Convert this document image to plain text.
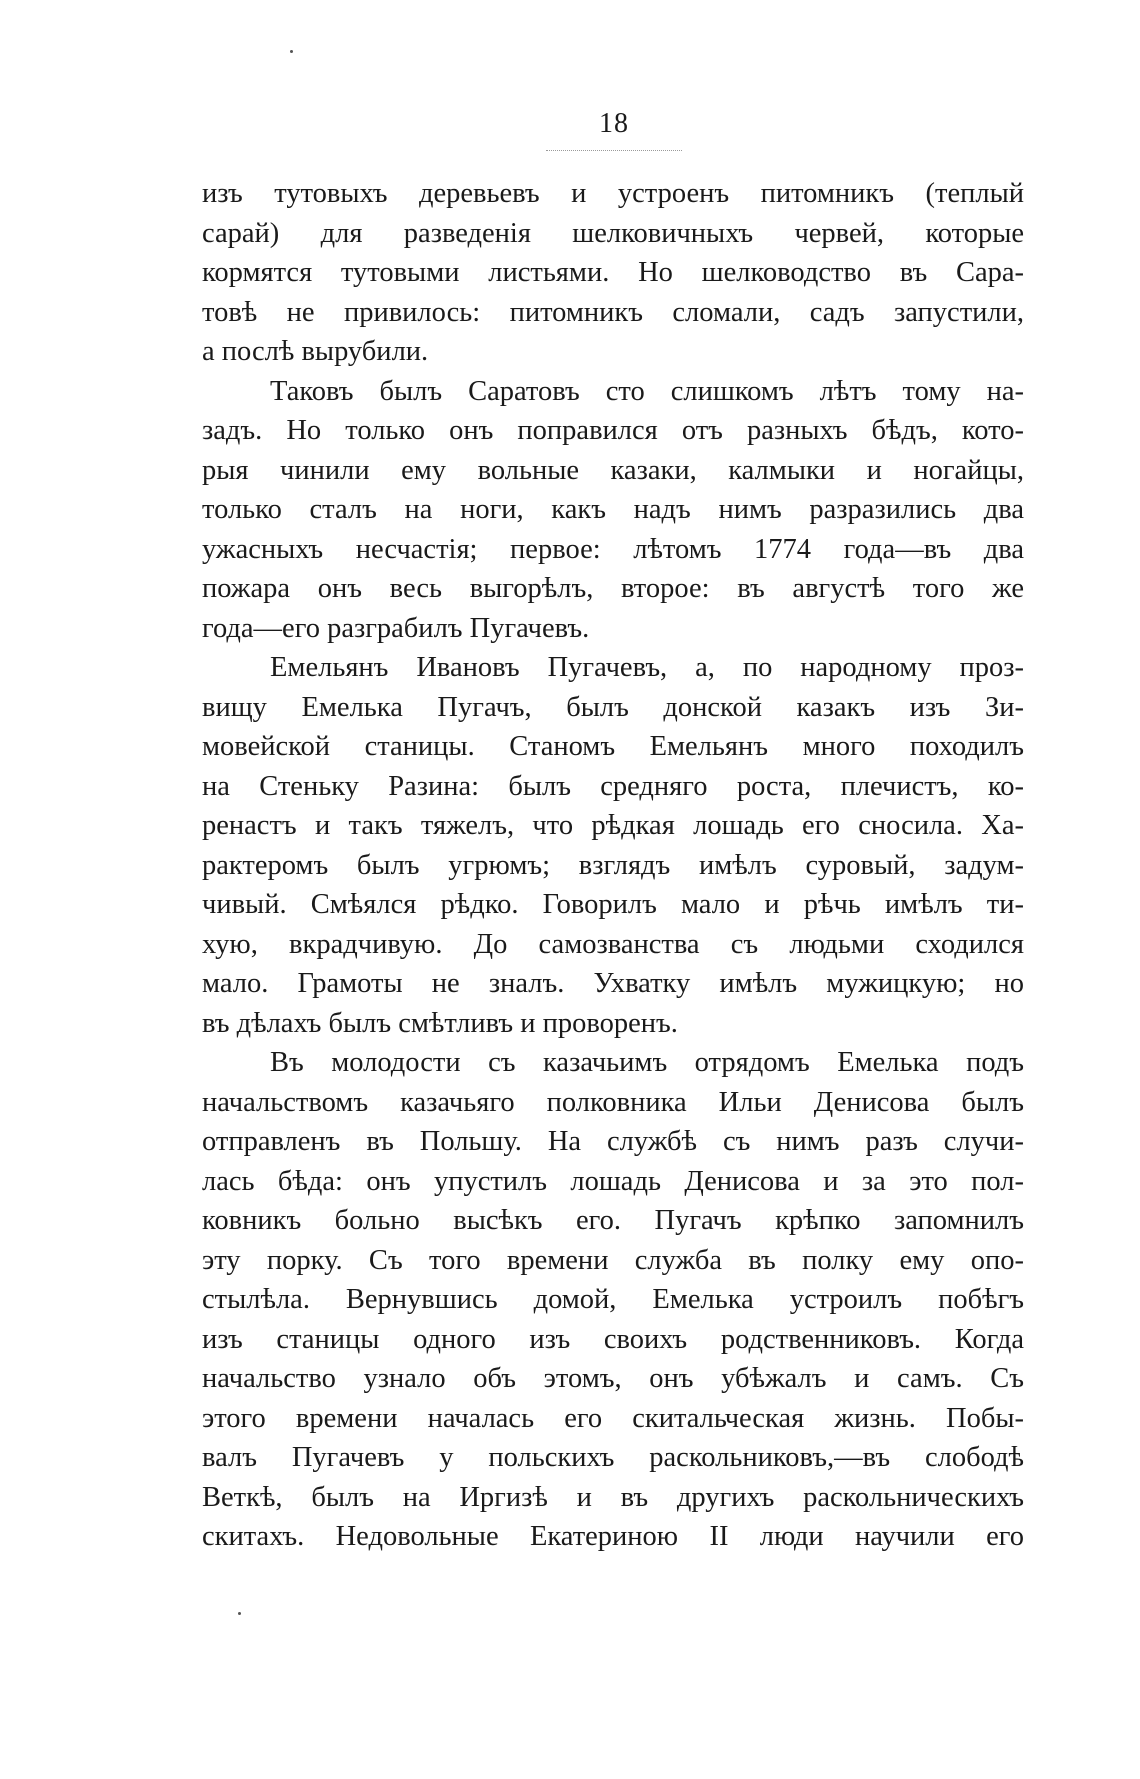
18
изъ тутовыхъ деревьевъ и устроенъ питомникъ (теплый
сарай) для разведенія шелковичныхъ червей, которые
кормятся тутовыми листьями. Но шелководство въ Сара-
товѣ не привилось: питомникъ сломали, садъ запустили,
а послѣ вырубили.
Таковъ былъ Саратовъ сто слишкомъ лѣтъ тому на-
задъ. Но только онъ поправился отъ разныхъ бѣдъ, кото-
рыя чинили ему вольные казаки, калмыки и ногайцы,
только сталъ на ноги, какъ надъ нимъ разразились два
ужасныхъ несчастія; первое: лѣтомъ 1774 года—въ два
пожара онъ весь выгорѣлъ, второе: въ августѣ того же
года—его разграбилъ Пугачевъ.
Емельянъ Ивановъ Пугачевъ, а, по народному проз-
вищу Емелька Пугачъ, былъ донской казакъ изъ Зи-
мовейской станицы. Станомъ Емельянъ много походилъ
на Стеньку Разина: былъ средняго роста, плечистъ, ко-
ренастъ и такъ тяжелъ, что рѣдкая лошадь его сносила. Ха-
рактеромъ былъ угрюмъ; взглядъ имѣлъ суровый, задум-
чивый. Смѣялся рѣдко. Говорилъ мало и рѣчь имѣлъ ти-
хую, вкрадчивую. До самозванства съ людьми сходился
мало. Грамоты не зналъ. Ухватку имѣлъ мужицкую; но
въ дѣлахъ былъ смѣтливъ и проворенъ.
Въ молодости съ казачьимъ отрядомъ Емелька подъ
начальствомъ казачьяго полковника Ильи Денисова былъ
отправленъ въ Польшу. На службѣ съ нимъ разъ случи-
лась бѣда: онъ упустилъ лошадь Денисова и за это пол-
ковникъ больно высѣкъ его. Пугачъ крѣпко запомнилъ
эту порку. Съ того времени служба въ полку ему опо-
стылѣла. Вернувшись домой, Емелька устроилъ побѣгъ
изъ станицы одного изъ своихъ родственниковъ. Когда
начальство узнало объ этомъ, онъ убѣжалъ и самъ. Съ
этого времени началась его скитальческая жизнь. Побы-
валъ Пугачевъ у польскихъ раскольниковъ,—въ слободѣ
Веткѣ, былъ на Иргизѣ и въ другихъ раскольническихъ
скитахъ. Недовольные Екатериною II люди научили его
